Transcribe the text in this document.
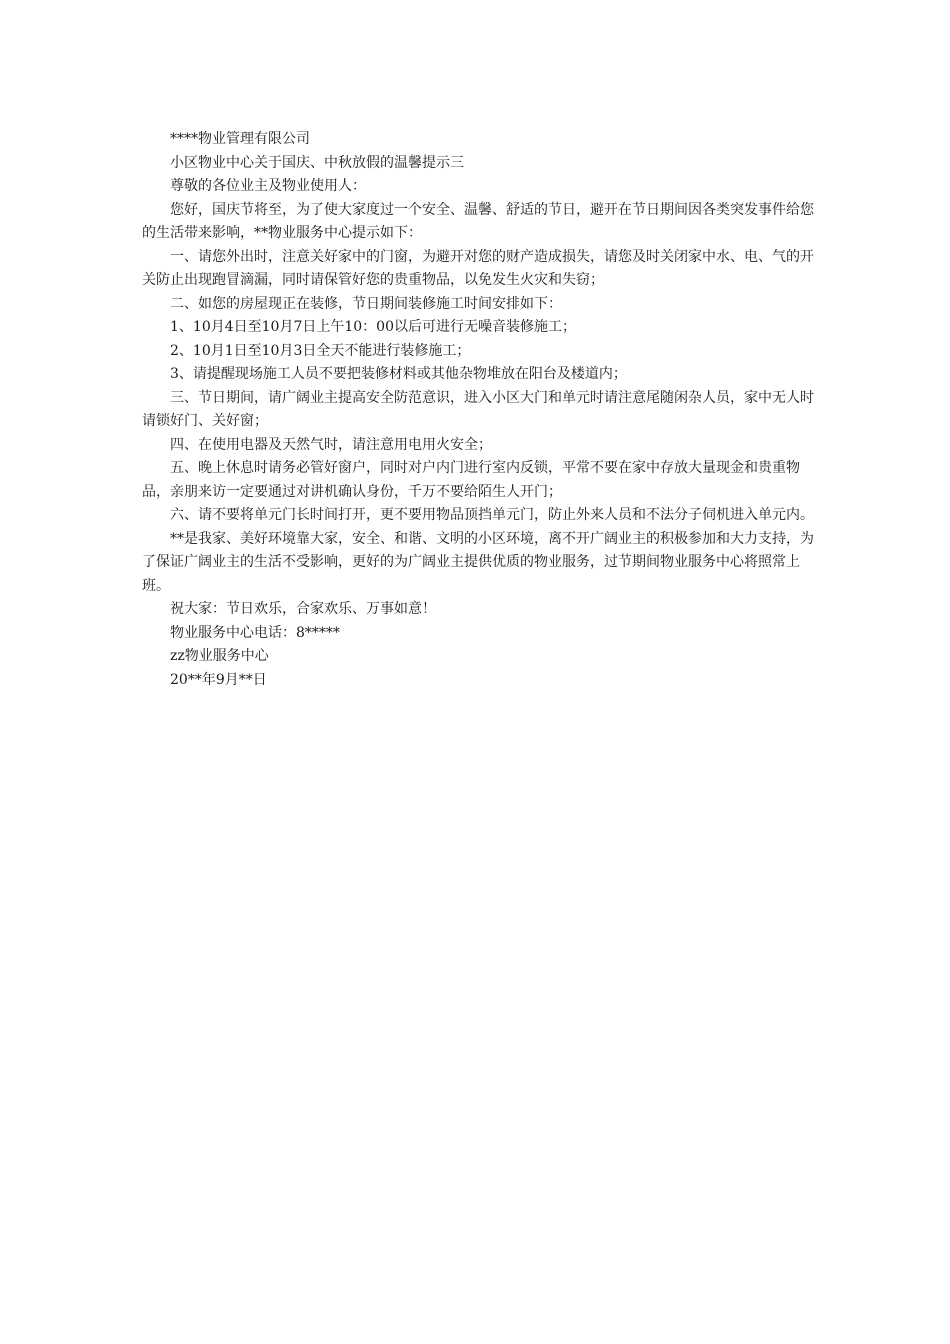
****物业管理有限公司

小区物业中心关于国庆、中秋放假的温馨提示三

尊敬的各位业主及物业使用人：

您好，国庆节将至，为了使大家度过一个安全、温馨、舒适的节日，避开在节日期间因各类突发事件给您的生活带来影响，**物业服务中心提示如下：

一、请您外出时，注意关好家中的门窗，为避开对您的财产造成损失，请您及时关闭家中水、电、气的开关防止出现跑冒滴漏，同时请保管好您的贵重物品，以免发生火灾和失窃；

二、如您的房屋现正在装修，节日期间装修施工时间安排如下：

1、10月4日至10月7日上午10：00以后可进行无噪音装修施工；

2、10月1日至10月3日全天不能进行装修施工；

3、请提醒现场施工人员不要把装修材料或其他杂物堆放在阳台及楼道内；

三、节日期间，请广阔业主提高安全防范意识，进入小区大门和单元时请注意尾随闲杂人员，家中无人时请锁好门、关好窗；

四、在使用电器及天然气时，请注意用电用火安全；

五、晚上休息时请务必管好窗户，同时对户内门进行室内反锁，平常不要在家中存放大量现金和贵重物品，亲朋来访一定要通过对讲机确认身份，千万不要给陌生人开门；

六、请不要将单元门长时间打开，更不要用物品顶挡单元门，防止外来人员和不法分子伺机进入单元内。

**是我家、美好环境靠大家，安全、和谐、文明的小区环境，离不开广阔业主的积极参加和大力支持，为了保证广阔业主的生活不受影响，更好的为广阔业主提供优质的物业服务，过节期间物业服务中心将照常上班。

祝大家：节日欢乐，合家欢乐、万事如意！

物业服务中心电话：8*****

zz物业服务中心

20**年9月**日
